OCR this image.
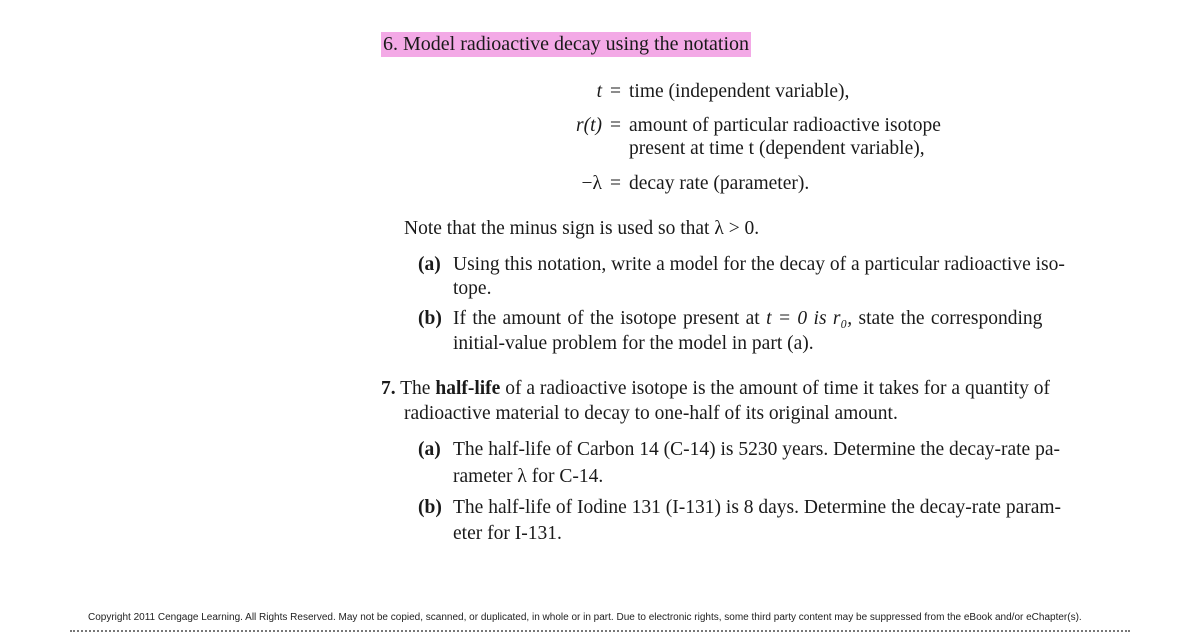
6. Model radioactive decay using the notation
t = time (independent variable),
r(t) = amount of particular radioactive isotope
present at time t (dependent variable),
−λ = decay rate (parameter).
Note that the minus sign is used so that λ > 0.
(a) Using this notation, write a model for the decay of a particular radioactive iso-
tope.
(b) If the amount of the isotope present at t = 0 is r₀, state the corresponding
initial-value problem for the model in part (a).
7. The half-life of a radioactive isotope is the amount of time it takes for a quantity of
radioactive material to decay to one-half of its original amount.
(a) The half-life of Carbon 14 (C-14) is 5230 years. Determine the decay-rate pa-
rameter λ for C-14.
(b) The half-life of Iodine 131 (I-131) is 8 days. Determine the decay-rate param-
eter for I-131.
Copyright 2011 Cengage Learning. All Rights Reserved. May not be copied, scanned, or duplicated, in whole or in part. Due to electronic rights, some third party content may be suppressed from the eBook and/or eChapter(s).
